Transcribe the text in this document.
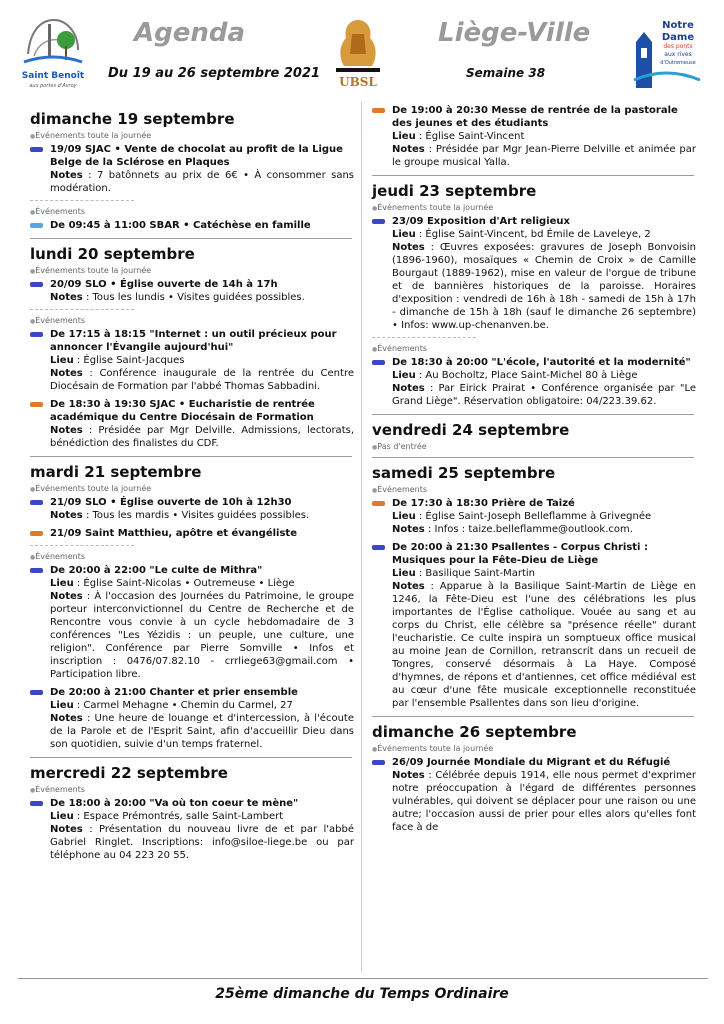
Saint Benoît
aux portes d'Avroy
Agenda
Du 19 au 26 septembre 2021
UBSL
Liège-Ville
Semaine 38
Notre
Dame
des ponts
aux rives
d'Outremeuse
dimanche 19 septembre
● Événements toute la journée
19/09 SJAC • Vente de chocolat au profit de la Ligue Belge de la Sclérose en Plaques
Notes : 7 batônnets au prix de 6€ • À consommer sans modération.
● Événements
De 09:45 à 11:00 SBAR • Catéchèse en famille
lundi 20 septembre
● Événements toute la journée
20/09 SLO • Église ouverte de 14h à 17h
Notes : Tous les lundis • Visites guidées possibles.
● Événements
De 17:15 à 18:15 "Internet : un outil précieux pour annoncer l'Évangile aujourd'hui"
Lieu : Église Saint-Jacques
Notes : Conférence inaugurale de la rentrée du Centre Diocésain de Formation par l'abbé Thomas Sabbadini.
De 18:30 à 19:30 SJAC • Eucharistie de rentrée académique du Centre Diocésain de Formation
Notes : Présidée par Mgr Delville. Admissions, lectorats, bénédiction des finalistes du CDF.
mardi 21 septembre
● Événements toute la journée
21/09 SLO • Église ouverte de 10h à 12h30
Notes : Tous les mardis • Visites guidées possibles.
21/09 Saint Matthieu, apôtre et évangéliste
● Événements
De 20:00 à 22:00 "Le culte de Mithra"
Lieu : Église Saint-Nicolas • Outremeuse • Liège
Notes : À l'occasion des Journées du Patrimoine, le groupe porteur interconvictionnel du Centre de Recherche et de Rencontre vous convie à un cycle hebdomadaire de 3 conférences "Les Yézidis : un peuple, une culture, une religion". Conférence par Pierre Somville • Infos et inscription : 0476/07.82.10 - crrliege63@gmail.com • Participation libre.
De 20:00 à 21:00 Chanter et prier ensemble
Lieu : Carmel Mehagne • Chemin du Carmel, 27
Notes : Une heure de louange et d'intercession, à l'écoute de la Parole et de l'Esprit Saint, afin d'accueillir Dieu dans son quotidien, suivie d'un temps fraternel.
mercredi 22 septembre
● Événements
De 18:00 à 20:00 "Va où ton coeur te mène"
Lieu : Espace Prémontrés, salle Saint-Lambert
Notes : Présentation du nouveau livre de et par l'abbé Gabriel Ringlet. Inscriptions: info@siloe-liege.be ou par téléphone au 04 223 20 55.
De 19:00 à 20:30 Messe de rentrée de la pastorale des jeunes et des étudiants
Lieu : Église Saint-Vincent
Notes : Présidée par Mgr Jean-Pierre Delville et animée par le groupe musical Yalla.
jeudi 23 septembre
● Événements toute la journée
23/09 Exposition d'Art religieux
Lieu : Église Saint-Vincent, bd Émile de Laveleye, 2
Notes : Œuvres exposées: gravures de Joseph Bonvoisin (1896-1960), mosaïques « Chemin de Croix » de Camille Bourgaut (1889-1962), mise en valeur de l'orgue de tribune et de bannières historiques de la paroisse. Horaires d'exposition : vendredi de 16h à 18h - samedi de 15h à 17h - dimanche de 15h à 18h (sauf le dimanche 26 septembre) • Infos: www.up-chenanven.be.
● Événements
De 18:30 à 20:00 "L'école, l'autorité et la modernité"
Lieu : Au Bocholtz, Place Saint-Michel 80 à Liège
Notes : Par Eirick Prairat • Conférence organisée par "Le Grand Liège". Réservation obligatoire: 04/223.39.62.
vendredi 24 septembre
● Pas d'entrée
samedi 25 septembre
● Événements
De 17:30 à 18:30 Prière de Taizé
Lieu : Église Saint-Joseph Belleflamme à Grivegnée
Notes : Infos : taize.belleflamme@outlook.com.
De 20:00 à 21:30 Psallentes - Corpus Christi : Musiques pour la Fête-Dieu de Liège
Lieu : Basilique Saint-Martin
Notes : Apparue à la Basilique Saint-Martin de Liège en 1246, la Fête-Dieu est l'une des célébrations les plus importantes de l'Église catholique. Vouée au sang et au corps du Christ, elle célèbre sa "présence réelle" durant l'eucharistie. Ce culte inspira un somptueux office musical au moine Jean de Cornillon, retranscrit dans un recueil de Tongres, conservé désormais à La Haye. Composé d'hymnes, de répons et d'antiennes, cet office médiéval est au cœur d'une fête musicale exceptionnelle reconstituée par l'ensemble Psallentes dans son lieu d'origine.
dimanche 26 septembre
● Événements toute la journée
26/09 Journée Mondiale du Migrant et du Réfugié
Notes : Célébrée depuis 1914, elle nous permet d'exprimer notre préoccupation à l'égard de différentes personnes vulnérables, qui doivent se déplacer pour une raison ou une autre; l'occasion aussi de prier pour elles alors qu'elles font face à de
25ème dimanche du Temps Ordinaire
